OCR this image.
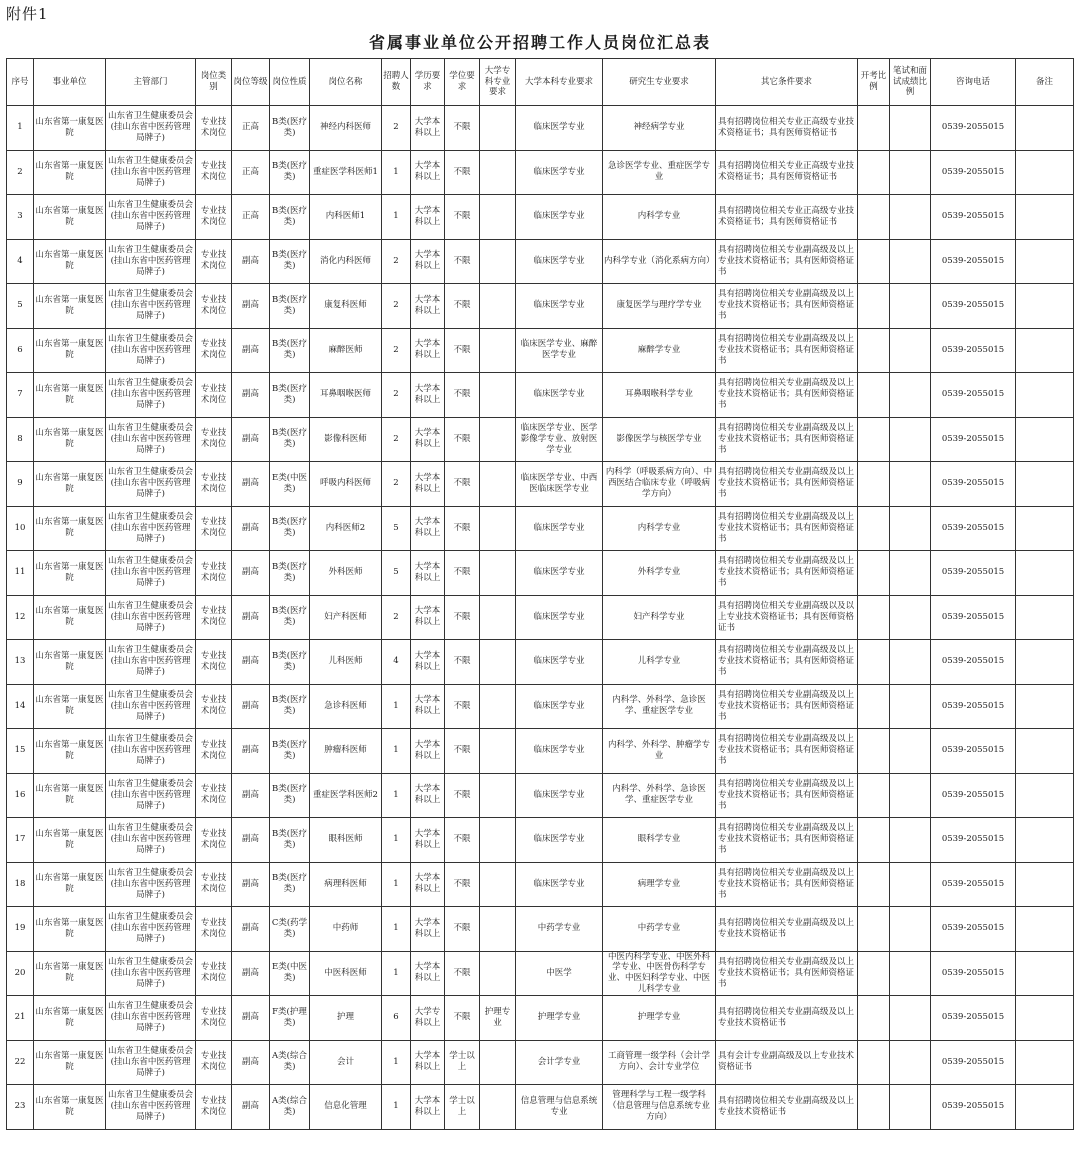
附件1
省属事业单位公开招聘工作人员岗位汇总表
序号	事业单位	主管部门	岗位类别	岗位等级	岗位性质	岗位名称	招聘人数	学历要求	学位要求	大学专科专业要求	大学本科专业要求	研究生专业要求	其它条件要求	开考比例	笔试和面试成绩比例	咨询电话	备注
1	山东省第一康复医院	山东省卫生健康委员会(挂山东省中医药管理局牌子)	专业技术岗位	正高	B类(医疗类)	神经内科医师	2	大学本科以上	不限		临床医学专业	神经病学专业	具有招聘岗位相关专业正高级专业技术资格证书；具有医师资格证书			0539-2055015	
2	山东省第一康复医院	山东省卫生健康委员会(挂山东省中医药管理局牌子)	专业技术岗位	正高	B类(医疗类)	重症医学科医师1	1	大学本科以上	不限		临床医学专业	急诊医学专业、重症医学专业	具有招聘岗位相关专业正高级专业技术资格证书；具有医师资格证书			0539-2055015	
3	山东省第一康复医院	山东省卫生健康委员会(挂山东省中医药管理局牌子)	专业技术岗位	正高	B类(医疗类)	内科医师1	1	大学本科以上	不限		临床医学专业	内科学专业	具有招聘岗位相关专业正高级专业技术资格证书；具有医师资格证书			0539-2055015	
4	山东省第一康复医院	山东省卫生健康委员会(挂山东省中医药管理局牌子)	专业技术岗位	副高	B类(医疗类)	消化内科医师	2	大学本科以上	不限		临床医学专业	内科学专业（消化系病方向）	具有招聘岗位相关专业副高级及以上专业技术资格证书；具有医师资格证书			0539-2055015	
5	山东省第一康复医院	山东省卫生健康委员会(挂山东省中医药管理局牌子)	专业技术岗位	副高	B类(医疗类)	康复科医师	2	大学本科以上	不限		临床医学专业	康复医学与理疗学专业	具有招聘岗位相关专业副高级及以上专业技术资格证书；具有医师资格证书			0539-2055015	
6	山东省第一康复医院	山东省卫生健康委员会(挂山东省中医药管理局牌子)	专业技术岗位	副高	B类(医疗类)	麻醉医师	2	大学本科以上	不限		临床医学专业、麻醉医学专业	麻醉学专业	具有招聘岗位相关专业副高级及以上专业技术资格证书；具有医师资格证书			0539-2055015	
7	山东省第一康复医院	山东省卫生健康委员会(挂山东省中医药管理局牌子)	专业技术岗位	副高	B类(医疗类)	耳鼻咽喉医师	2	大学本科以上	不限		临床医学专业	耳鼻咽喉科学专业	具有招聘岗位相关专业副高级及以上专业技术资格证书；具有医师资格证书			0539-2055015	
8	山东省第一康复医院	山东省卫生健康委员会(挂山东省中医药管理局牌子)	专业技术岗位	副高	B类(医疗类)	影像科医师	2	大学本科以上	不限		临床医学专业、医学影像学专业、放射医学专业	影像医学与核医学专业	具有招聘岗位相关专业副高级及以上专业技术资格证书；具有医师资格证书			0539-2055015	
9	山东省第一康复医院	山东省卫生健康委员会(挂山东省中医药管理局牌子)	专业技术岗位	副高	E类(中医类)	呼吸内科医师	2	大学本科以上	不限		临床医学专业、中西医临床医学专业	内科学（呼吸系病方向）、中西医结合临床专业（呼吸病学方向）	具有招聘岗位相关专业副高级及以上专业技术资格证书；具有医师资格证书			0539-2055015	
10	山东省第一康复医院	山东省卫生健康委员会(挂山东省中医药管理局牌子)	专业技术岗位	副高	B类(医疗类)	内科医师2	5	大学本科以上	不限		临床医学专业	内科学专业	具有招聘岗位相关专业副高级及以上专业技术资格证书；具有医师资格证书			0539-2055015	
11	山东省第一康复医院	山东省卫生健康委员会(挂山东省中医药管理局牌子)	专业技术岗位	副高	B类(医疗类)	外科医师	5	大学本科以上	不限		临床医学专业	外科学专业	具有招聘岗位相关专业副高级及以上专业技术资格证书；具有医师资格证书			0539-2055015	
12	山东省第一康复医院	山东省卫生健康委员会(挂山东省中医药管理局牌子)	专业技术岗位	副高	B类(医疗类)	妇产科医师	2	大学本科以上	不限		临床医学专业	妇产科学专业	具有招聘岗位相关专业副高级以及以上专业技术资格证书；具有医师资格证书			0539-2055015	
13	山东省第一康复医院	山东省卫生健康委员会(挂山东省中医药管理局牌子)	专业技术岗位	副高	B类(医疗类)	儿科医师	4	大学本科以上	不限		临床医学专业	儿科学专业	具有招聘岗位相关专业副高级及以上专业技术资格证书；具有医师资格证书			0539-2055015	
14	山东省第一康复医院	山东省卫生健康委员会(挂山东省中医药管理局牌子)	专业技术岗位	副高	B类(医疗类)	急诊科医师	1	大学本科以上	不限		临床医学专业	内科学、外科学、急诊医学、重症医学专业	具有招聘岗位相关专业副高级及以上专业技术资格证书；具有医师资格证书			0539-2055015	
15	山东省第一康复医院	山东省卫生健康委员会(挂山东省中医药管理局牌子)	专业技术岗位	副高	B类(医疗类)	肿瘤科医师	1	大学本科以上	不限		临床医学专业	内科学、外科学、肿瘤学专业	具有招聘岗位相关专业副高级及以上专业技术资格证书；具有医师资格证书			0539-2055015	
16	山东省第一康复医院	山东省卫生健康委员会(挂山东省中医药管理局牌子)	专业技术岗位	副高	B类(医疗类)	重症医学科医师2	1	大学本科以上	不限		临床医学专业	内科学、外科学、急诊医学、重症医学专业	具有招聘岗位相关专业副高级及以上专业技术资格证书；具有医师资格证书			0539-2055015	
17	山东省第一康复医院	山东省卫生健康委员会(挂山东省中医药管理局牌子)	专业技术岗位	副高	B类(医疗类)	眼科医师	1	大学本科以上	不限		临床医学专业	眼科学专业	具有招聘岗位相关专业副高级及以上专业技术资格证书；具有医师资格证书			0539-2055015	
18	山东省第一康复医院	山东省卫生健康委员会(挂山东省中医药管理局牌子)	专业技术岗位	副高	B类(医疗类)	病理科医师	1	大学本科以上	不限		临床医学专业	病理学专业	具有招聘岗位相关专业副高级及以上专业技术资格证书；具有医师资格证书			0539-2055015	
19	山东省第一康复医院	山东省卫生健康委员会(挂山东省中医药管理局牌子)	专业技术岗位	副高	C类(药学类)	中药师	1	大学本科以上	不限		中药学专业	中药学专业	具有招聘岗位相关专业副高级及以上专业技术资格证书			0539-2055015	
20	山东省第一康复医院	山东省卫生健康委员会(挂山东省中医药管理局牌子)	专业技术岗位	副高	E类(中医类)	中医科医师	1	大学本科以上	不限		中医学	中医内科学专业、中医外科学专业、中医骨伤科学专业、中医妇科学专业、中医儿科学专业	具有招聘岗位相关专业副高级及以上专业技术资格证书；具有医师资格证书			0539-2055015	
21	山东省第一康复医院	山东省卫生健康委员会(挂山东省中医药管理局牌子)	专业技术岗位	副高	F类(护理类)	护理	6	大学专科以上	不限	护理专业	护理学专业	护理学专业	具有招聘岗位相关专业副高级及以上专业技术资格证书			0539-2055015	
22	山东省第一康复医院	山东省卫生健康委员会(挂山东省中医药管理局牌子)	专业技术岗位	副高	A类(综合类)	会计	1	大学本科以上	学士以上		会计学专业	工商管理一级学科（会计学方向）、会计专业学位	具有会计专业副高级及以上专业技术资格证书			0539-2055015	
23	山东省第一康复医院	山东省卫生健康委员会(挂山东省中医药管理局牌子)	专业技术岗位	副高	A类(综合类)	信息化管理	1	大学本科以上	学士以上		信息管理与信息系统专业	管理科学与工程一级学科（信息管理与信息系统专业方向）	具有招聘岗位相关专业副高级及以上专业技术资格证书			0539-2055015	
